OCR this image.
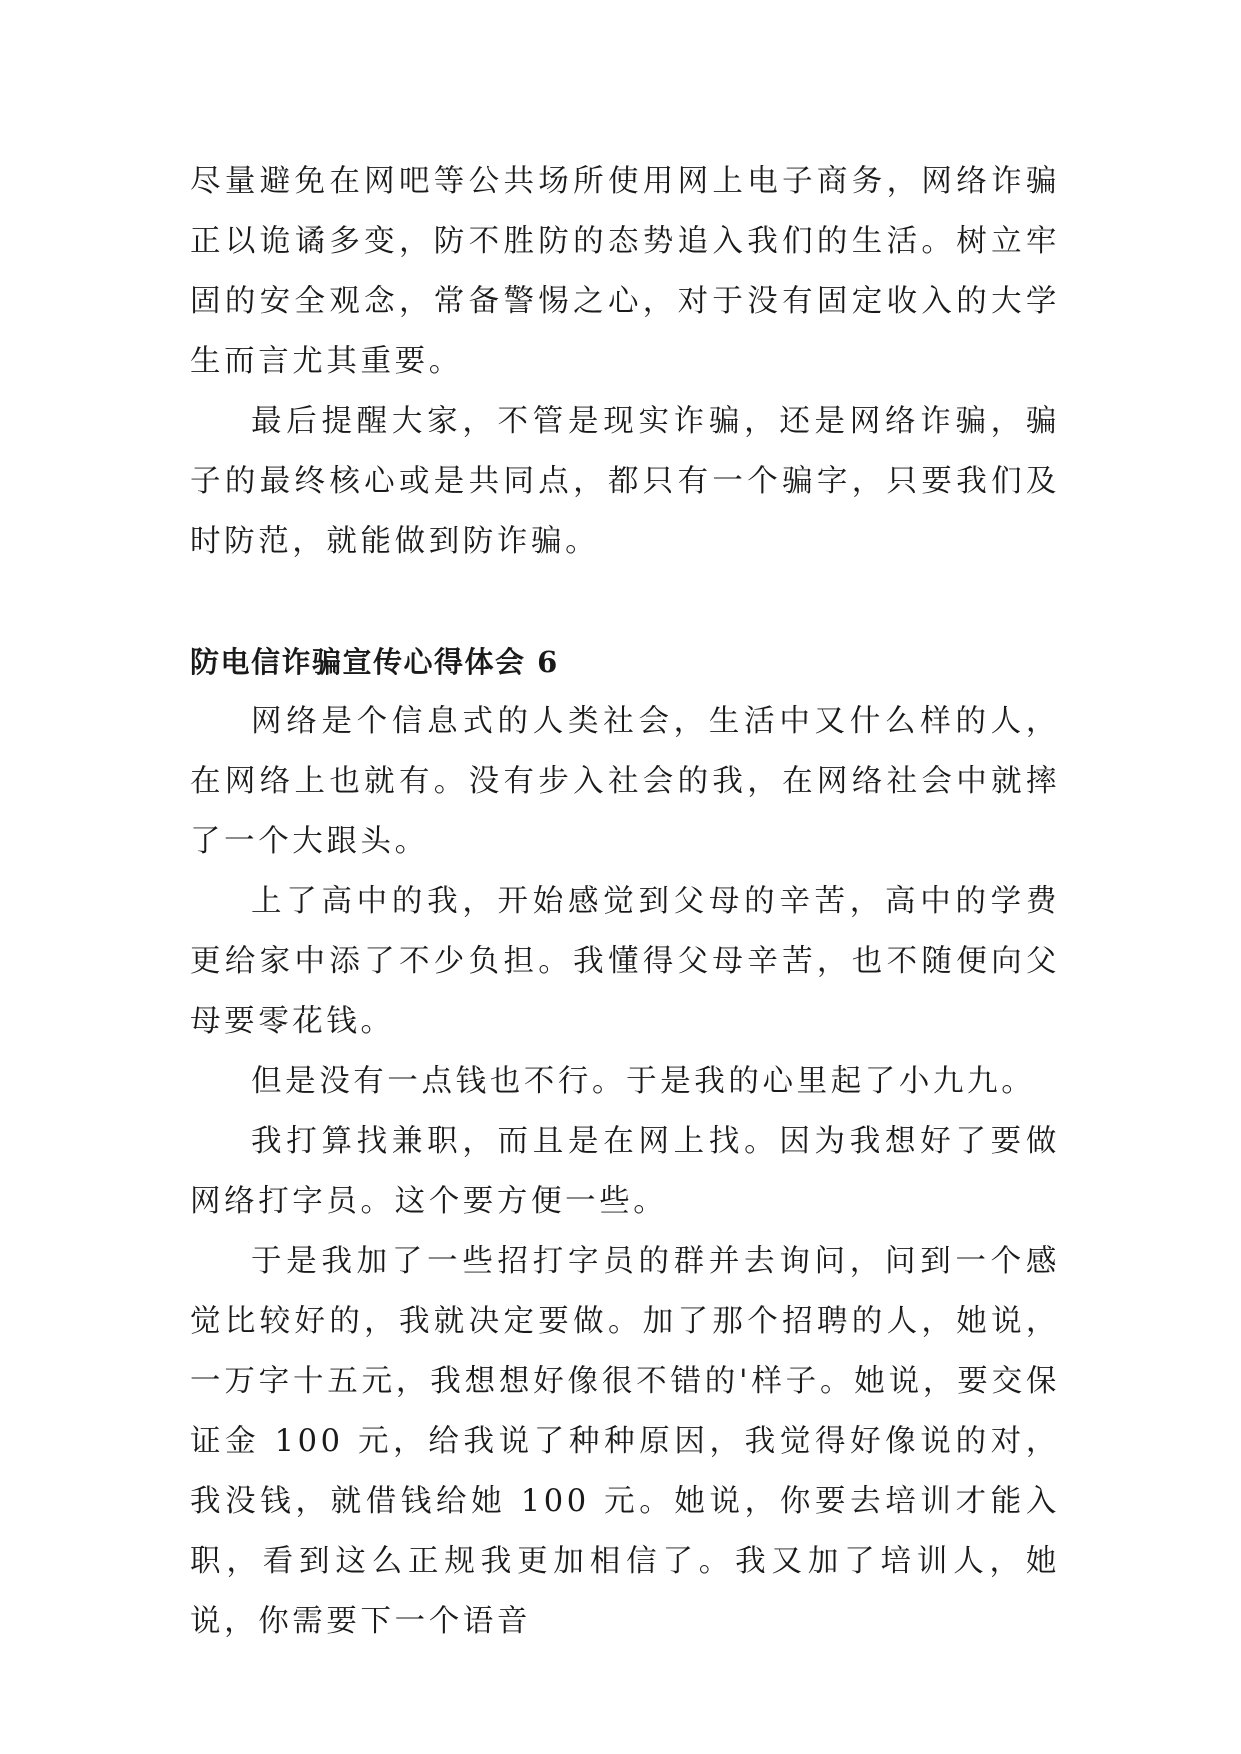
尽量避免在网吧等公共场所使用网上电子商务，网络诈骗正以诡谲多变，防不胜防的态势追入我们的生活。树立牢固的安全观念，常备警惕之心，对于没有固定收入的大学生而言尤其重要。

最后提醒大家，不管是现实诈骗，还是网络诈骗，骗子的最终核心或是共同点，都只有一个骗字，只要我们及时防范，就能做到防诈骗。

防电信诈骗宣传心得体会 6

网络是个信息式的人类社会，生活中又什么样的人，在网络上也就有。没有步入社会的我，在网络社会中就摔了一个大跟头。

上了高中的我，开始感觉到父母的辛苦，高中的学费更给家中添了不少负担。我懂得父母辛苦，也不随便向父母要零花钱。

但是没有一点钱也不行。于是我的心里起了小九九。

我打算找兼职，而且是在网上找。因为我想好了要做网络打字员。这个要方便一些。

于是我加了一些招打字员的群并去询问，问到一个感觉比较好的，我就决定要做。加了那个招聘的人，她说，一万字十五元，我想想好像很不错的'样子。她说，要交保证金 100 元，给我说了种种原因，我觉得好像说的对，我没钱，就借钱给她 100 元。她说，你要去培训才能入职，看到这么正规我更加相信了。我又加了培训人，她说，你需要下一个语音
